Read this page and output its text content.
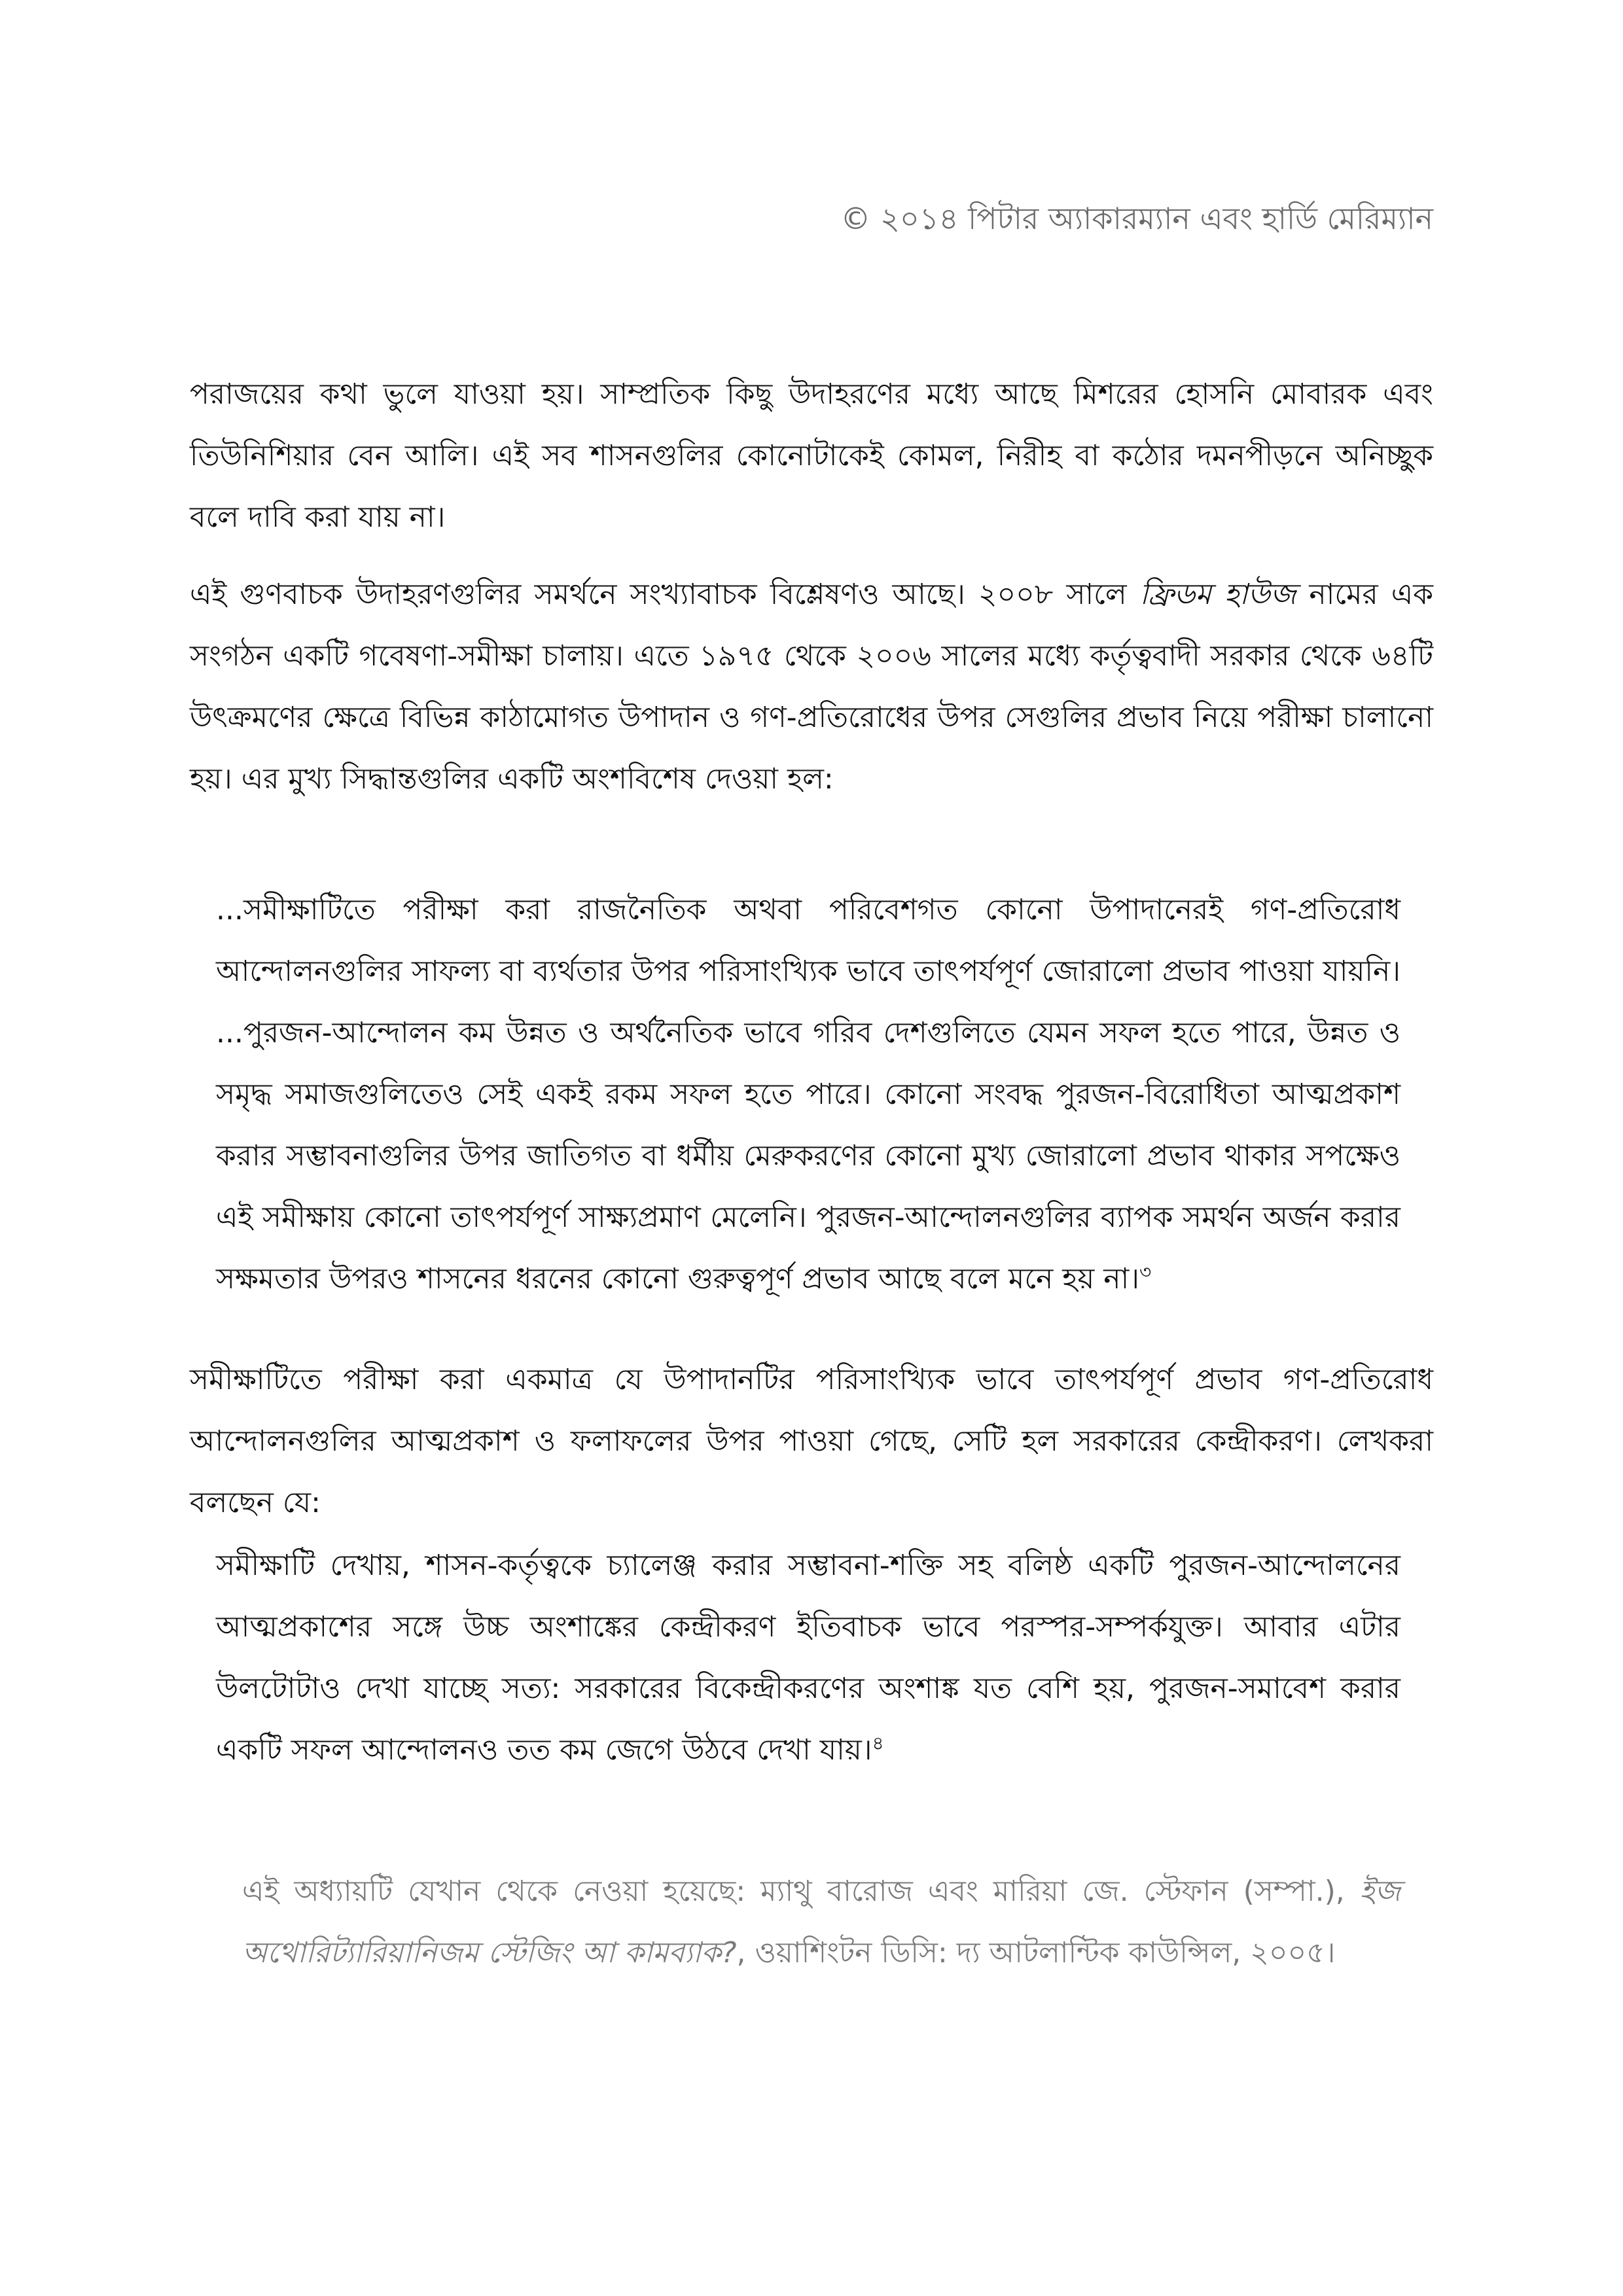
© ২০১৪ পিটার অ্যাকারম্যান এবং হার্ডি মেরিম্যান

পরাজয়ের কথা ভুলে যাওয়া হয়। সাম্প্রতিক কিছু উদাহরণের মধ্যে আছে মিশরের হোসনি মোবারক এবং তিউনিশিয়ার বেন আলি। এই সব শাসনগুলির কোনোটাকেই কোমল, নিরীহ বা কঠোর দমনপীড়নে অনিচ্ছুক বলে দাবি করা যায় না।

এই গুণবাচক উদাহরণগুলির সমর্থনে সংখ্যাবাচক বিশ্লেষণও আছে। ২০০৮ সালে ফ্রিডম হাউজ নামের এক সংগঠন একটি গবেষণা-সমীক্ষা চালায়। এতে ১৯৭৫ থেকে ২০০৬ সালের মধ্যে কর্তৃত্ববাদী সরকার থেকে ৬৪টি উৎক্রমণের ক্ষেত্রে বিভিন্ন কাঠামোগত উপাদান ও গণ-প্রতিরোধের উপর সেগুলির প্রভাব নিয়ে পরীক্ষা চালানো হয়। এর মুখ্য সিদ্ধান্তগুলির একটি অংশবিশেষ দেওয়া হল:

...সমীক্ষাটিতে পরীক্ষা করা রাজনৈতিক অথবা পরিবেশগত কোনো উপাদানেরই গণ-প্রতিরোধ আন্দোলনগুলির সাফল্য বা ব্যর্থতার উপর পরিসাংখ্যিক ভাবে তাৎপর্যপূর্ণ জোরালো প্রভাব পাওয়া যায়নি। ...পুরজন-আন্দোলন কম উন্নত ও অর্থনৈতিক ভাবে গরিব দেশগুলিতে যেমন সফল হতে পারে, উন্নত ও সমৃদ্ধ সমাজগুলিতেও সেই একই রকম সফল হতে পারে। কোনো সংবদ্ধ পুরজন-বিরোধিতা আত্মপ্রকাশ করার সম্ভাবনাগুলির উপর জাতিগত বা ধর্মীয় মেরুকরণের কোনো মুখ্য জোরালো প্রভাব থাকার সপক্ষেও এই সমীক্ষায় কোনো তাৎপর্যপূর্ণ সাক্ষ্যপ্রমাণ মেলেনি। পুরজন-আন্দোলনগুলির ব্যাপক সমর্থন অর্জন করার সক্ষমতার উপরও শাসনের ধরনের কোনো গুরুত্বপূর্ণ প্রভাব আছে বলে মনে হয় না।$^৩$

সমীক্ষাটিতে পরীক্ষা করা একমাত্র যে উপাদানটির পরিসাংখ্যিক ভাবে তাৎপর্যপূর্ণ প্রভাব গণ-প্রতিরোধ আন্দোলনগুলির আত্মপ্রকাশ ও ফলাফলের উপর পাওয়া গেছে, সেটি হল সরকারের কেন্দ্রীকরণ। লেখকরা বলছেন যে:

সমীক্ষাটি দেখায়, শাসন-কর্তৃত্বকে চ্যালেঞ্জ করার সম্ভাবনা-শক্তি সহ বলিষ্ঠ একটি পুরজন-আন্দোলনের আত্মপ্রকাশের সঙ্গে উচ্চ অংশাঙ্কের কেন্দ্রীকরণ ইতিবাচক ভাবে পরস্পর-সম্পর্কযুক্ত। আবার এটার উলটোটাও দেখা যাচ্ছে সত্য: সরকারের বিকেন্দ্রীকরণের অংশাঙ্ক যত বেশি হয়, পুরজন-সমাবেশ করার একটি সফল আন্দোলনও তত কম জেগে উঠবে দেখা যায়।$^৪$

এই অধ্যায়টি যেখান থেকে নেওয়া হয়েছে: ম্যাথু বারোজ এবং মারিয়া জে. স্টেফান (সম্পা.), ইজ অথোরিট্যারিয়ানিজম স্টেজিং আ কামব্যাক?, ওয়াশিংটন ডিসি: দ্য আটলান্টিক কাউন্সিল, ২০০৫।
